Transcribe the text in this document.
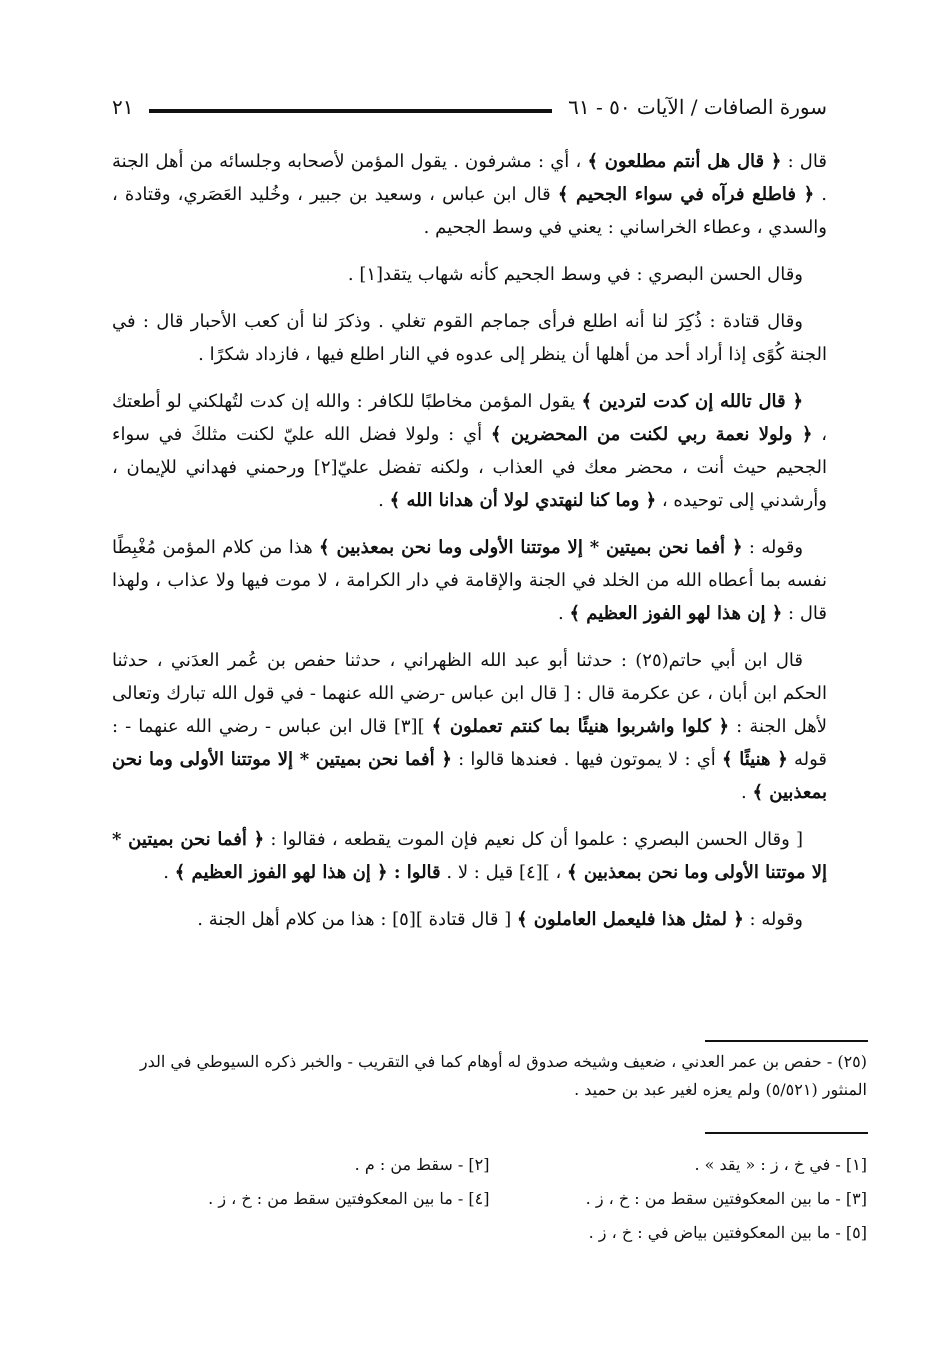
سورة الصافات / الآيات ٥٠ - ٦١
٢١

قال : ﴿ قال هل أنتم مطلعون ﴾ ، أي : مشرفون . يقول المؤمن لأصحابه وجلسائه من أهل الجنة . ﴿ فاطلع فرآه في سواء الجحيم ﴾ قال ابن عباس ، وسعيد بن جبير ، وخُليد العَصَري، وقتادة ، والسدي ، وعطاء الخراساني : يعني في وسط الجحيم .

وقال الحسن البصري : في وسط الجحيم كأنه شهاب يتقد[١] .

وقال قتادة : ذُكِرَ لنا أنه اطلع فرأى جماجم القوم تغلي . وذكرَ لنا أن كعب الأحبار قال : في الجنة كُوًى إذا أراد أحد من أهلها أن ينظر إلى عدوه في النار اطلع فيها ، فازداد شكرًا .

﴿ قال تالله إن كدت لتردين ﴾ يقول المؤمن مخاطبًا للكافر : والله إن كدت لتُهلكني لو أطعتك ، ﴿ ولولا نعمة ربي لكنت من المحضرين ﴾ أي : ولولا فضل الله عليّ لكنت مثلكَ في سواء الجحيم حيث أنت ، محضر معك في العذاب ، ولكنه تفضل عليّ[٢] ورحمني فهداني للإيمان ، وأرشدني إلى توحيده ، ﴿ وما كنا لنهتدي لولا أن هدانا الله ﴾ .

وقوله : ﴿ أفما نحن بميتين * إلا موتتنا الأولى وما نحن بمعذبين ﴾ هذا من كلام المؤمن مُغْبِطًا نفسه بما أعطاه الله من الخلد في الجنة والإقامة في دار الكرامة ، لا موت فيها ولا عذاب ، ولهذا قال : ﴿ إن هذا لهو الفوز العظيم ﴾ .

قال ابن أبي حاتم(٢٥) : حدثنا أبو عبد الله الظهراني ، حدثنا حفص بن عُمر العدَني ، حدثنا الحكم ابن أبان ، عن عكرمة قال : [ قال ابن عباس -رضي الله عنهما - في قول الله تبارك وتعالى لأهل الجنة : ﴿ كلوا واشربوا هنيئًا بما كنتم تعملون ﴾ ][٣] قال ابن عباس - رضي الله عنهما - : قوله ﴿ هنيئًا ﴾ أي : لا يموتون فيها . فعندها قالوا : ﴿ أفما نحن بميتين * إلا موتتنا الأولى وما نحن بمعذبين ﴾ .

[ وقال الحسن البصري : علموا أن كل نعيم فإن الموت يقطعه ، فقالوا : ﴿ أفما نحن بميتين * إلا موتتنا الأولى وما نحن بمعذبين ﴾ ، ][٤] قيل : لا . قالوا : ﴿ إن هذا لهو الفوز العظيم ﴾ .

وقوله : ﴿ لمثل هذا فليعمل العاملون ﴾ [ قال قتادة ][٥] : هذا من كلام أهل الجنة .

(٢٥) - حفص بن عمر العدني ، ضعيف وشيخه صدوق له أوهام كما في التقريب - والخبر ذكره السيوطي في الدر المنثور (٥/٥٢١) ولم يعزه لغير عبد بن حميد .
[١] - في خ ، ز : « يقد » .
[٢] - سقط من : م .
[٣] - ما بين المعكوفتين سقط من : خ ، ز .
[٤] - ما بين المعكوفتين سقط من : خ ، ز .
[٥] - ما بين المعكوفتين بياض في : خ ، ز .
